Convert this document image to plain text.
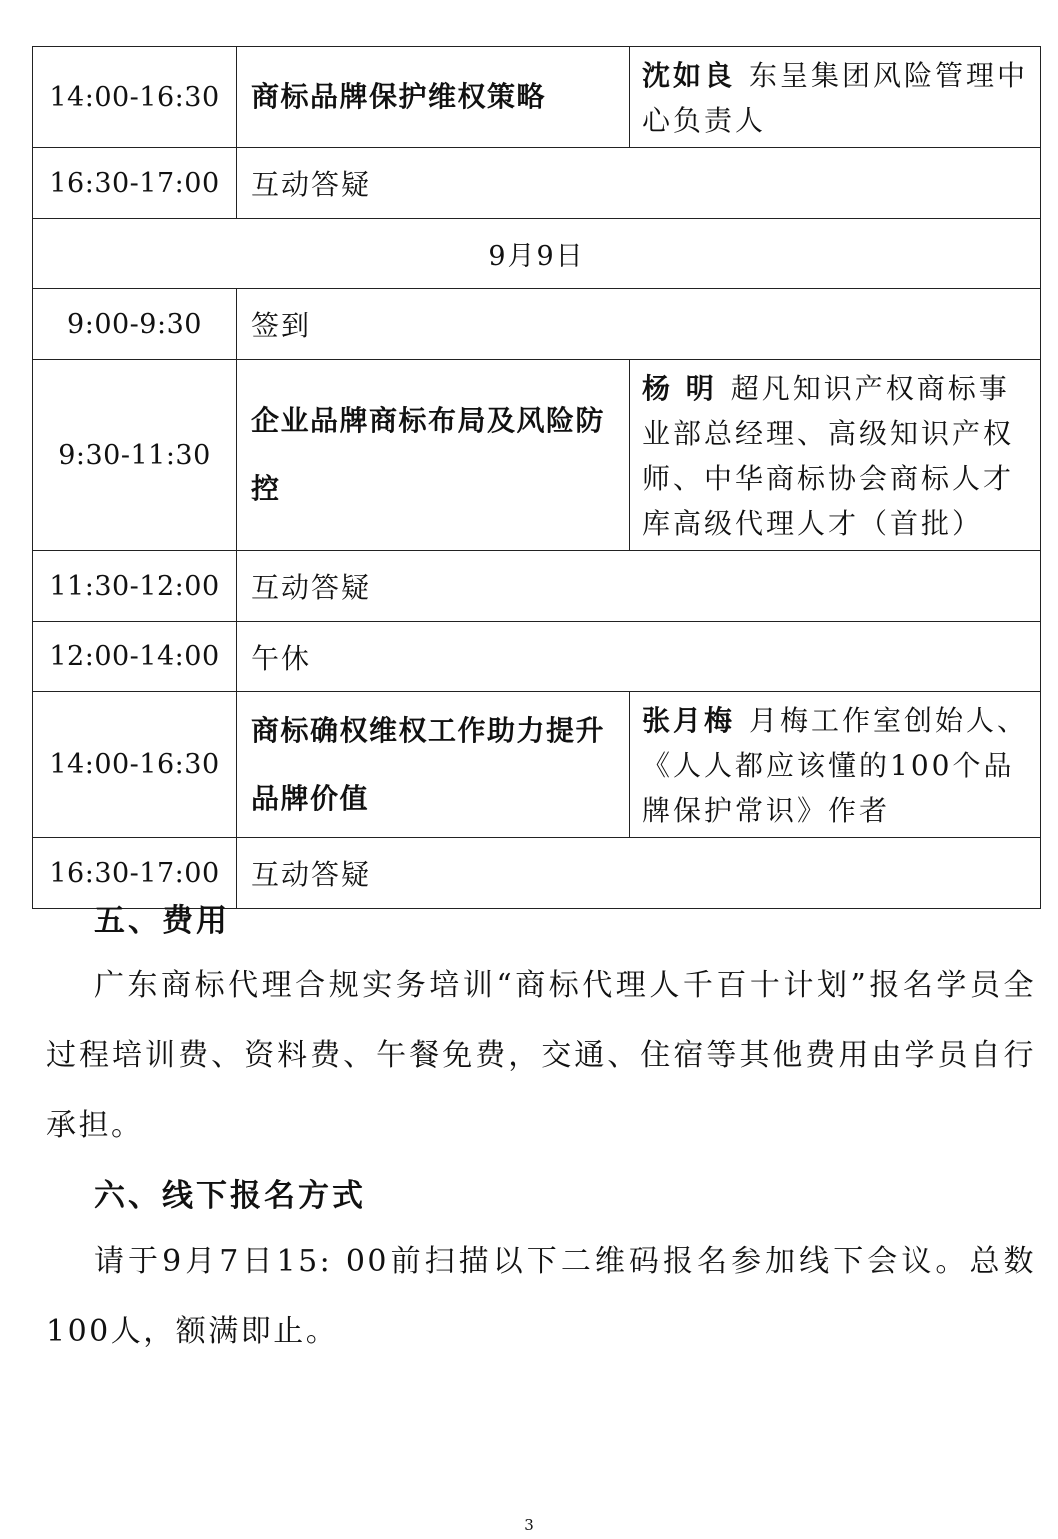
14:00-16:30	商标品牌保护维权策略	沈如良 东呈集团风险管理中心负责人
16:30-17:00	互动答疑	
9月9日		
9:00-9:30	签到	
9:30-11:30	企业品牌商标布局及风险防控	杨 明 超凡知识产权商标事业部总经理、高级知识产权师、中华商标协会商标人才库高级代理人才（首批）
11:30-12:00	互动答疑	
12:00-14:00	午休	
14:00-16:30	商标确权维权工作助力提升品牌价值	张月梅 月梅工作室创始人、《人人都应该懂的100个品牌保护常识》作者
16:30-17:00	互动答疑	
五、费用

广东商标代理合规实务培训“商标代理人千百十计划”报名学员全过程培训费、资料费、午餐免费，交通、住宿等其他费用由学员自行承担。

六、线下报名方式

请于9月7日15: 00前扫描以下二维码报名参加线下会议。总数100人，额满即止。

3
